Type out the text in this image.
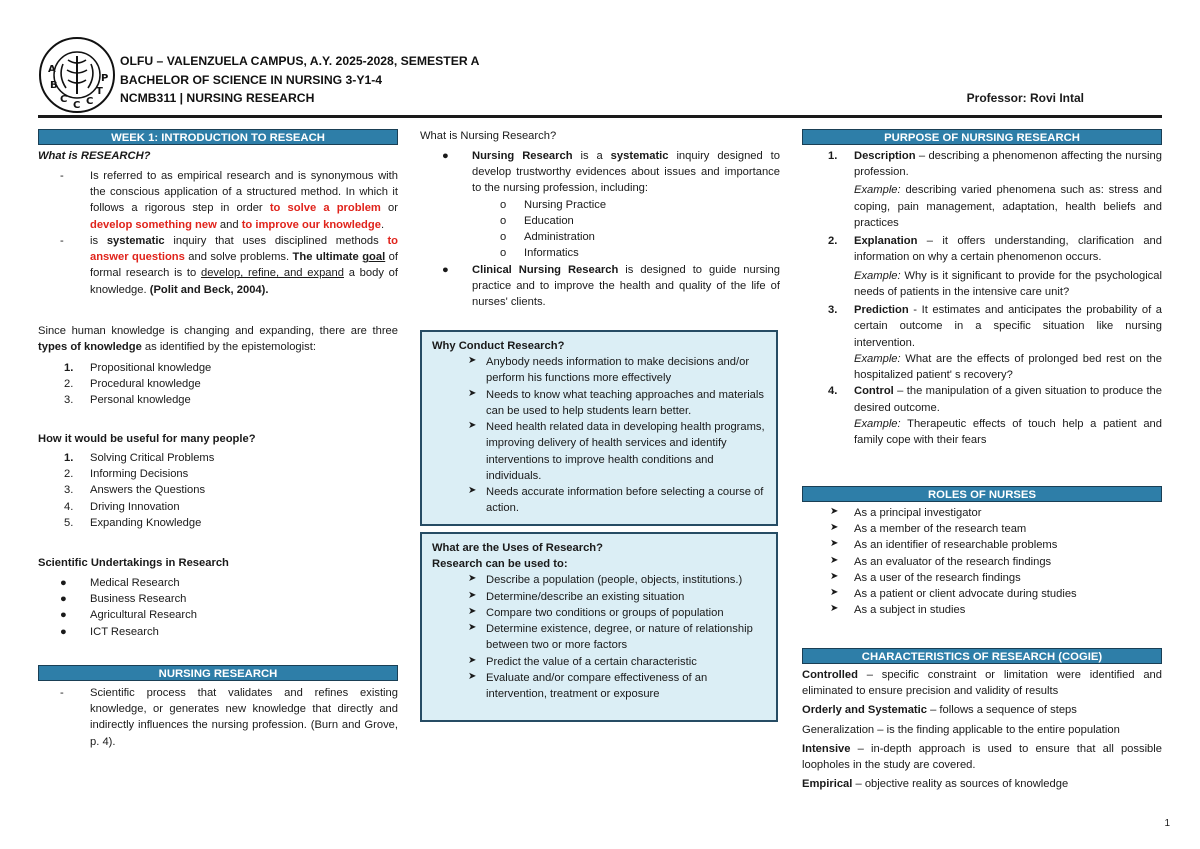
A
B
C
C C
T
P
OLFU – VALENZUELA CAMPUS, A.Y. 2025-2028, SEMESTER A
BACHELOR OF SCIENCE IN NURSING 3-Y1-4
NCMB311 | NURSING RESEARCH	Professor: Rovi Intal
WEEK 1: INTRODUCTION TO RESEACH
What is RESEARCH?
- Is referred to as empirical research and is synonymous with the conscious application of a structured method. In which it follows a rigorous step in order to solve a problem or develop something new and to improve our knowledge.
- is systematic inquiry that uses disciplined methods to answer questions and solve problems. The ultimate goal of formal research is to develop, refine, and expand a body of knowledge. (Polit and Beck, 2004).
Since human knowledge is changing and expanding, there are three types of knowledge as identified by the epistemologist:
1. Propositional knowledge
2. Procedural knowledge
3. Personal knowledge
How it would be useful for many people?
1. Solving Critical Problems
2. Informing Decisions
3. Answers the Questions
4. Driving Innovation
5. Expanding Knowledge
Scientific Undertakings in Research
● Medical Research
● Business Research
● Agricultural Research
● ICT Research
NURSING RESEARCH
- Scientific process that validates and refines existing knowledge, or generates new knowledge that directly and indirectly influences the nursing profession. (Burn and Grove, p. 4).
What is Nursing Research?
● Nursing Research is a systematic inquiry designed to develop trustworthy evidences about issues and importance to the nursing profession, including:
o Nursing Practice
o Education
o Administration
o Informatics
● Clinical Nursing Research is designed to guide nursing practice and to improve the health and quality of the life of nurses' clients.
Why Conduct Research?
➤ Anybody needs information to make decisions and/or perform his functions more effectively
➤ Needs to know what teaching approaches and materials can be used to help students learn better.
➤ Need health related data in developing health programs, improving delivery of health services and identify interventions to improve health conditions and individuals.
➤ Needs accurate information before selecting a course of action.
What are the Uses of Research?
Research can be used to:
➤ Describe a population (people, objects, institutions.)
➤ Determine/describe an existing situation
➤ Compare two conditions or groups of population
➤ Determine existence, degree, or nature of relationship between two or more factors
➤ Predict the value of a certain characteristic
➤ Evaluate and/or compare effectiveness of an intervention, treatment or exposure
PURPOSE OF NURSING RESEARCH
1. Description – describing a phenomenon affecting the nursing profession.
Example: describing varied phenomena such as: stress and coping, pain management, adaptation, health beliefs and practices
2. Explanation – it offers understanding, clarification and information on why a certain phenomenon occurs.
Example: Why is it significant to provide for the psychological needs of patients in the intensive care unit?
3. Prediction - It estimates and anticipates the probability of a certain outcome in a specific situation like nursing intervention.
Example: What are the effects of prolonged bed rest on the hospitalized patient' s recovery?
4. Control – the manipulation of a given situation to produce the desired outcome.
Example: Therapeutic effects of touch help a patient and family cope with their fears
ROLES OF NURSES
➤ As a principal investigator
➤ As a member of the research team
➤ As an identifier of researchable problems
➤ As an evaluator of the research findings
➤ As a user of the research findings
➤ As a patient or client advocate during studies
➤ As a subject in studies
CHARACTERISTICS OF RESEARCH (COGIE)
Controlled – specific constraint or limitation were identified and eliminated to ensure precision and validity of results
Orderly and Systematic – follows a sequence of steps
Generalization – is the finding applicable to the entire population
Intensive – in-depth approach is used to ensure that all possible loopholes in the study are covered.
Empirical – objective reality as sources of knowledge
1
